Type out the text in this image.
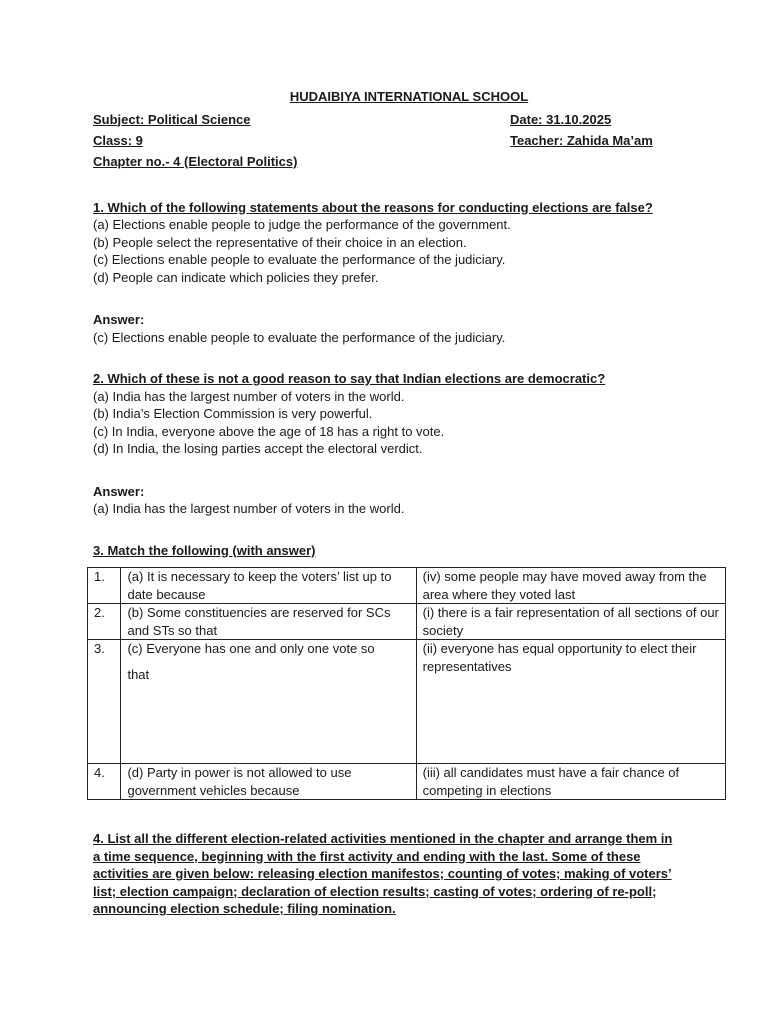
HUDAIBIYA INTERNATIONAL SCHOOL
Subject: Political Science	Date: 31.10.2025
Class: 9	Teacher: Zahida Ma’am
Chapter no.- 4 (Electoral Politics)
1. Which of the following statements about the reasons for conducting elections are false?
(a) Elections enable people to judge the performance of the government.
(b) People select the representative of their choice in an election.
(c) Elections enable people to evaluate the performance of the judiciary.
(d) People can indicate which policies they prefer.
Answer:
(c) Elections enable people to evaluate the performance of the judiciary.
2. Which of these is not a good reason to say that Indian elections are democratic?
(a) India has the largest number of voters in the world.
(b) India’s Election Commission is very powerful.
(c) In India, everyone above the age of 18 has a right to vote.
(d) In India, the losing parties accept the electoral verdict.
Answer:
(a) India has the largest number of voters in the world.
3. Match the following (with answer)
1.	(a) It is necessary to keep the voters’ list up to date because	(iv) some people may have moved away from the area where they voted last
2.	(b) Some constituencies are reserved for SCs and STs so that	(i) there is a fair representation of all sections of our society
3.	(c) Everyone has one and only one vote so
that	(ii) everyone has equal opportunity to elect their representatives
4.	(d) Party in power is not allowed to use government vehicles because	(iii) all candidates must have a fair chance of competing in elections
4. List all the different election-related activities mentioned in the chapter and arrange them in a time sequence, beginning with the first activity and ending with the last. Some of these activities are given below: releasing election manifestos; counting of votes; making of voters’ list; election campaign; declaration of election results; casting of votes; ordering of re-poll; announcing election schedule; filing nomination.
